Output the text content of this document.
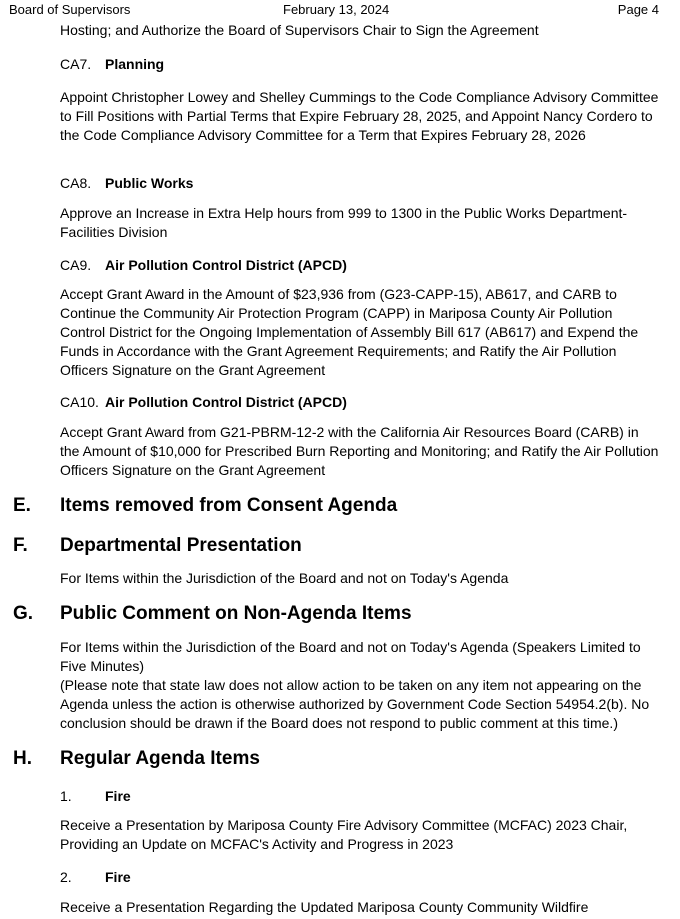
Board of Supervisors	February 13, 2024	Page 4
Hosting; and Authorize the Board of Supervisors Chair to Sign the Agreement
CA7. Planning
Appoint Christopher Lowey and Shelley Cummings to the Code Compliance Advisory Committee to Fill Positions with Partial Terms that Expire February 28, 2025, and Appoint Nancy Cordero to the Code Compliance Advisory Committee for a Term that Expires February 28, 2026
CA8. Public Works
Approve an Increase in Extra Help hours from 999 to 1300 in the Public Works Department-Facilities Division
CA9. Air Pollution Control District (APCD)
Accept Grant Award in the Amount of $23,936 from (G23-CAPP-15), AB617, and CARB to Continue the Community Air Protection Program (CAPP) in Mariposa County Air Pollution Control District for the Ongoing Implementation of Assembly Bill 617 (AB617) and Expend the Funds in Accordance with the Grant Agreement Requirements; and Ratify the Air Pollution Officers Signature on the Grant Agreement
CA10. Air Pollution Control District (APCD)
Accept Grant Award from G21-PBRM-12-2 with the California Air Resources Board (CARB) in the Amount of $10,000 for Prescribed Burn Reporting and Monitoring; and Ratify the Air Pollution Officers Signature on the Grant Agreement
E. Items removed from Consent Agenda
F. Departmental Presentation
For Items within the Jurisdiction of the Board and not on Today's Agenda
G. Public Comment on Non-Agenda Items
For Items within the Jurisdiction of the Board and not on Today's Agenda (Speakers Limited to Five Minutes)
(Please note that state law does not allow action to be taken on any item not appearing on the Agenda unless the action is otherwise authorized by Government Code Section 54954.2(b). No conclusion should be drawn if the Board does not respond to public comment at this time.)
H. Regular Agenda Items
1. Fire
Receive a Presentation by Mariposa County Fire Advisory Committee (MCFAC) 2023 Chair, Providing an Update on MCFAC's Activity and Progress in 2023
2. Fire
Receive a Presentation Regarding the Updated Mariposa County Community Wildfire
